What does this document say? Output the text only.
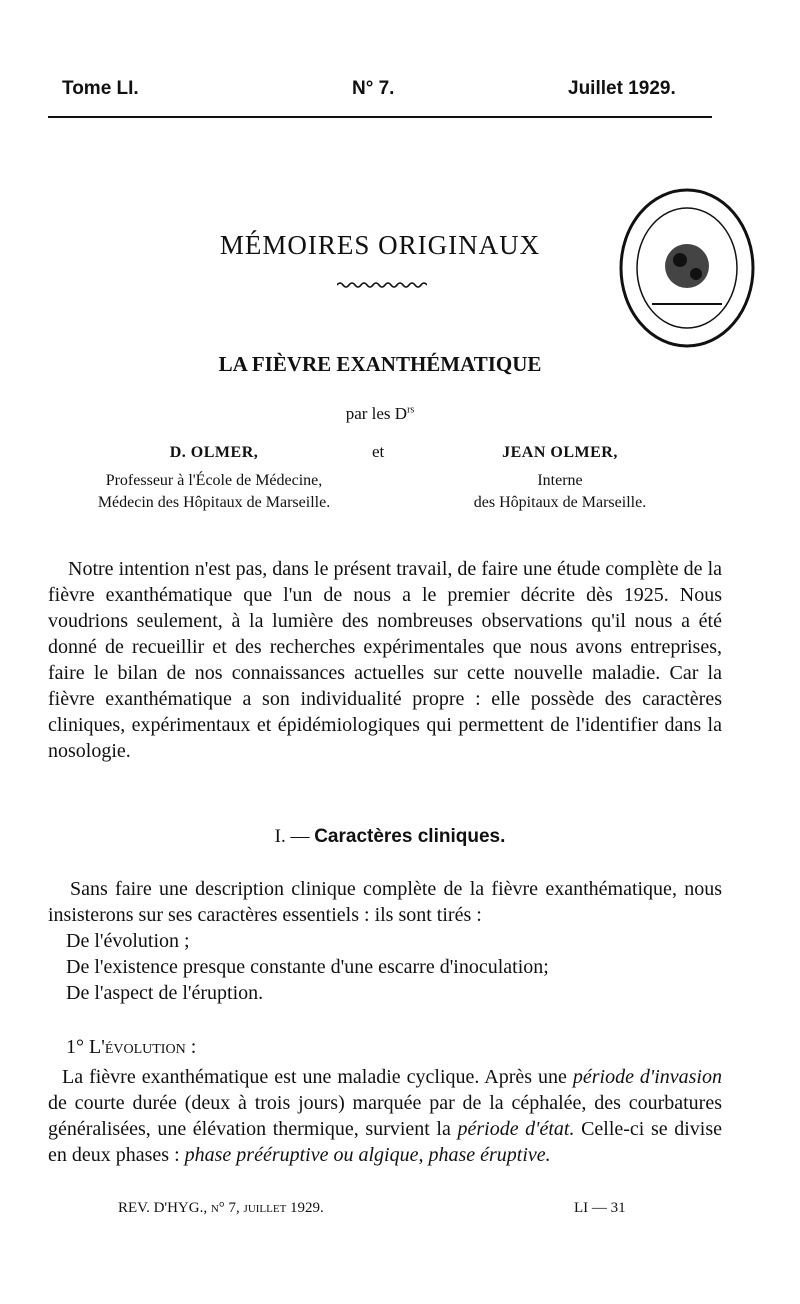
Tome LI.	N° 7.	Juillet 1929.
MÉMOIRES ORIGINAUX
LA FIÈVRE EXANTHÉMATIQUE
par les $D^{rs}$
D. OLMER,
Professeur à l'École de Médecine,
Médecin des Hôpitaux de Marseille.
et	JEAN OLMER,
Interne
des Hôpitaux de Marseille.
Notre intention n'est pas, dans le présent travail, de faire une étude complète de la fièvre exanthématique que l'un de nous a le premier décrite dès 1925. Nous voudrions seulement, à la lumière des nombreuses observations qu'il nous a été donné de recueillir et des recherches expérimentales que nous avons entreprises, faire le bilan de nos connaissances actuelles sur cette nouvelle maladie. Car la fièvre exanthématique a son individualité propre : elle possède des caractères cliniques, expérimentaux et épidémiologiques qui permettent de l'identifier dans la nosologie.
I. — Caractères cliniques.
Sans faire une description clinique complète de la fièvre exanthématique, nous insisterons sur ses caractères essentiels : ils sont tirés :
De l'évolution ;
De l'existence presque constante d'une escarre d'inoculation;
De l'aspect de l'éruption.
1° L'évolution :
La fièvre exanthématique est une maladie cyclique. Après une période d'invasion de courte durée (deux à trois jours) marquée par de la céphalée, des courbatures généralisées, une élévation thermique, survient la période d'état. Celle-ci se divise en deux phases : phase prééruptive ou algique, phase éruptive.
REV. D'HYG., n° 7, juillet 1929.	LI — 31
